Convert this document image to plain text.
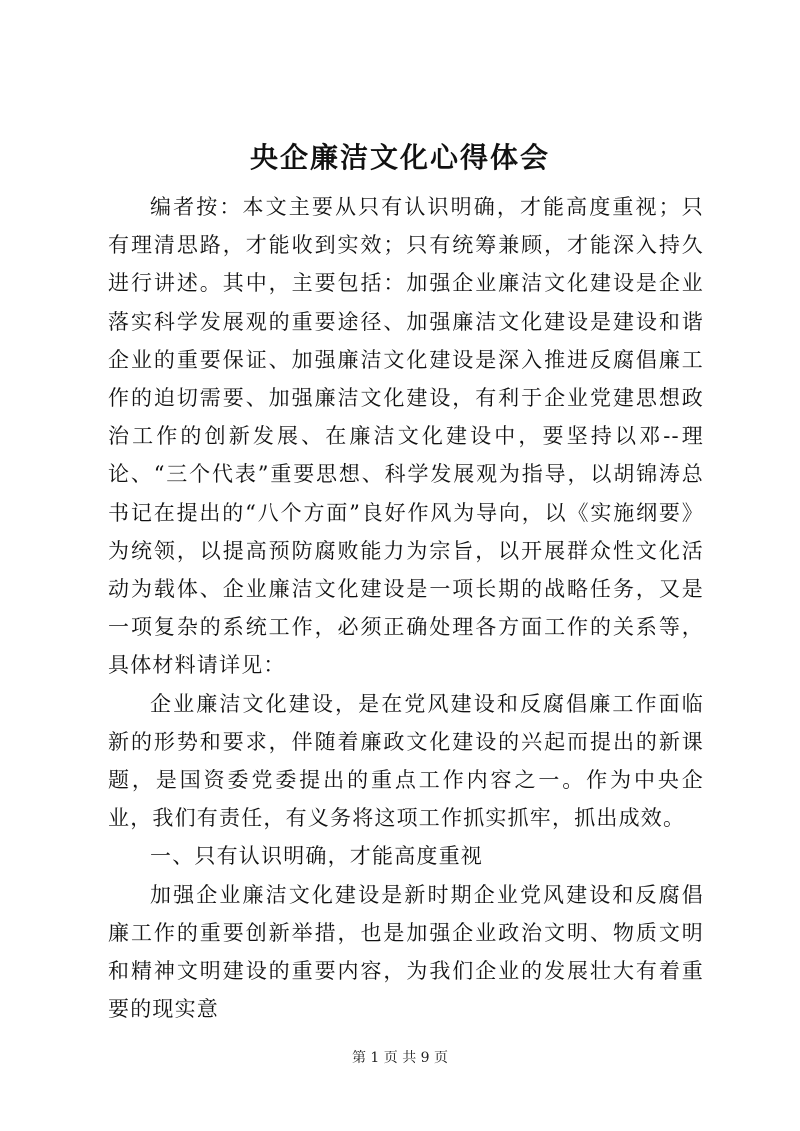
央企廉洁文化心得体会

编者按：本文主要从只有认识明确，才能高度重视；只有理清思路，才能收到实效；只有统筹兼顾，才能深入持久进行讲述。其中，主要包括：加强企业廉洁文化建设是企业落实科学发展观的重要途径、加强廉洁文化建设是建设和谐企业的重要保证、加强廉洁文化建设是深入推进反腐倡廉工作的迫切需要、加强廉洁文化建设，有利于企业党建思想政治工作的创新发展、在廉洁文化建设中，要坚持以邓--理论、“三个代表”重要思想、科学发展观为指导，以胡锦涛总书记在提出的“八个方面”良好作风为导向，以《实施纲要》为统领，以提高预防腐败能力为宗旨，以开展群众性文化活动为载体、企业廉洁文化建设是一项长期的战略任务，又是一项复杂的系统工作，必须正确处理各方面工作的关系等，具体材料请详见：

企业廉洁文化建设，是在党风建设和反腐倡廉工作面临新的形势和要求，伴随着廉政文化建设的兴起而提出的新课题，是国资委党委提出的重点工作内容之一。作为中央企业，我们有责任，有义务将这项工作抓实抓牢，抓出成效。

一、只有认识明确，才能高度重视

加强企业廉洁文化建设是新时期企业党风建设和反腐倡廉工作的重要创新举措，也是加强企业政治文明、物质文明和精神文明建设的重要内容，为我们企业的发展壮大有着重要的现实意

第 1 页 共 9 页
